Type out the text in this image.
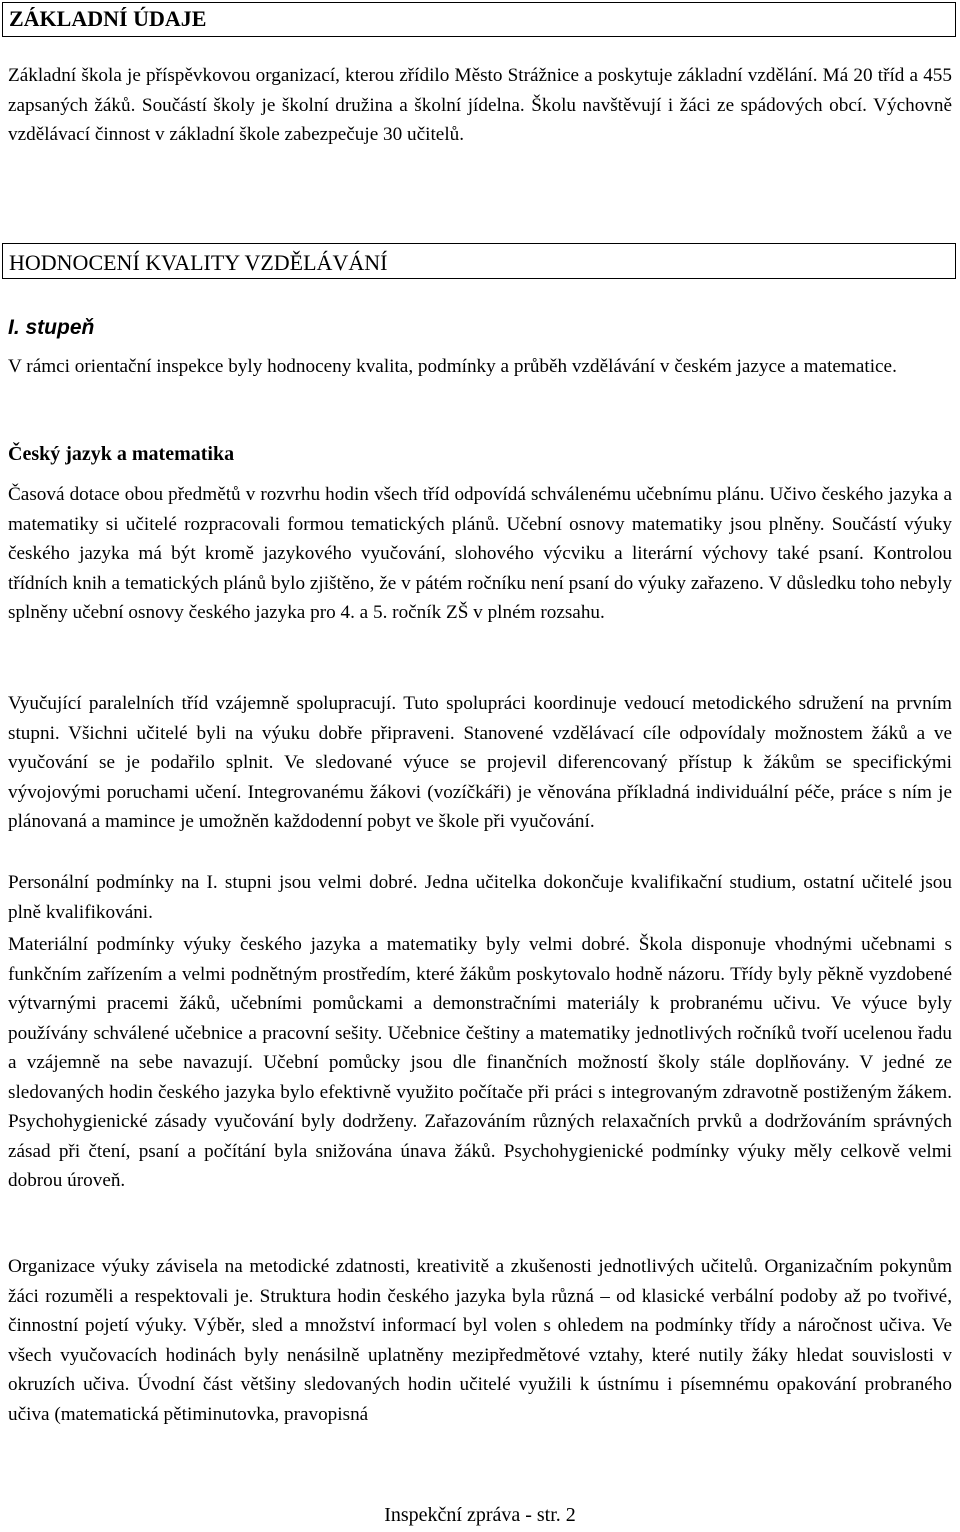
ZÁKLADNÍ ÚDAJE

Základní škola je příspěvkovou organizací, kterou zřídilo Město Strážnice a poskytuje základní vzdělání. Má 20 tříd a 455 zapsaných žáků. Součástí školy je školní družina a školní jídelna. Školu navštěvují i žáci ze spádových obcí. Výchovně vzdělávací činnost v základní škole zabezpečuje 30 učitelů.

HODNOCENÍ KVALITY VZDĚLÁVÁNÍ

I. stupeň

V rámci orientační inspekce byly hodnoceny kvalita, podmínky a průběh vzdělávání v českém jazyce a matematice.

Český jazyk a matematika

Časová dotace obou předmětů v rozvrhu hodin všech tříd odpovídá schválenému učebnímu plánu. Učivo českého jazyka a matematiky si učitelé rozpracovali formou tematických plánů. Učební osnovy matematiky jsou plněny. Součástí výuky českého jazyka má být kromě jazykového vyučování, slohového výcviku a literární výchovy také psaní. Kontrolou třídních knih a tematických plánů bylo zjištěno, že v pátém ročníku není psaní do výuky zařazeno. V důsledku toho nebyly splněny učební osnovy českého jazyka pro 4. a 5. ročník ZŠ v plném rozsahu.

Vyučující paralelních tříd vzájemně spolupracují. Tuto spolupráci koordinuje vedoucí metodického sdružení na prvním stupni. Všichni učitelé byli na výuku dobře připraveni. Stanovené vzdělávací cíle odpovídaly možnostem žáků a ve vyučování se je podařilo splnit. Ve sledované výuce se projevil diferencovaný přístup k žákům se specifickými vývojovými poruchami učení. Integrovanému žákovi (vozíčkáři) je věnována příkladná individuální péče, práce s ním je plánovaná a mamince je umožněn každodenní pobyt ve škole při vyučování.

Personální podmínky na I. stupni jsou velmi dobré. Jedna učitelka dokončuje kvalifikační studium, ostatní učitelé jsou plně kvalifikováni.

Materiální podmínky výuky českého jazyka a matematiky byly velmi dobré. Škola disponuje vhodnými učebnami s funkčním zařízením a velmi podnětným prostředím, které žákům poskytovalo hodně názoru. Třídy byly pěkně vyzdobené výtvarnými pracemi žáků, učebními pomůckami a demonstračními materiály k probranému učivu. Ve výuce byly používány schválené učebnice a pracovní sešity. Učebnice češtiny a matematiky jednotlivých ročníků tvoří ucelenou řadu a vzájemně na sebe navazují. Učební pomůcky jsou dle finančních možností školy stále doplňovány. V jedné ze sledovaných hodin českého jazyka bylo efektivně využito počítače při práci s integrovaným zdravotně postiženým žákem. Psychohygienické zásady vyučování byly dodrženy. Zařazováním různých relaxačních prvků a dodržováním správných zásad při čtení, psaní a počítání byla snižována únava žáků. Psychohygienické podmínky výuky měly celkově velmi dobrou úroveň.

Organizace výuky závisela na metodické zdatnosti, kreativitě a zkušenosti jednotlivých učitelů. Organizačním pokynům žáci rozuměli a respektovali je. Struktura hodin českého jazyka byla různá – od klasické verbální podoby až po tvořivé, činnostní pojetí výuky. Výběr, sled a množství informací byl volen s ohledem na podmínky třídy a náročnost učiva. Ve všech vyučovacích hodinách byly nenásilně uplatněny mezipředmětové vztahy, které nutily žáky hledat souvislosti v okruzích učiva. Úvodní část většiny sledovaných hodin učitelé využili k ústnímu i písemnému opakování probraného učiva (matematická pětiminutovka, pravopisná

Inspekční zpráva - str. 2
